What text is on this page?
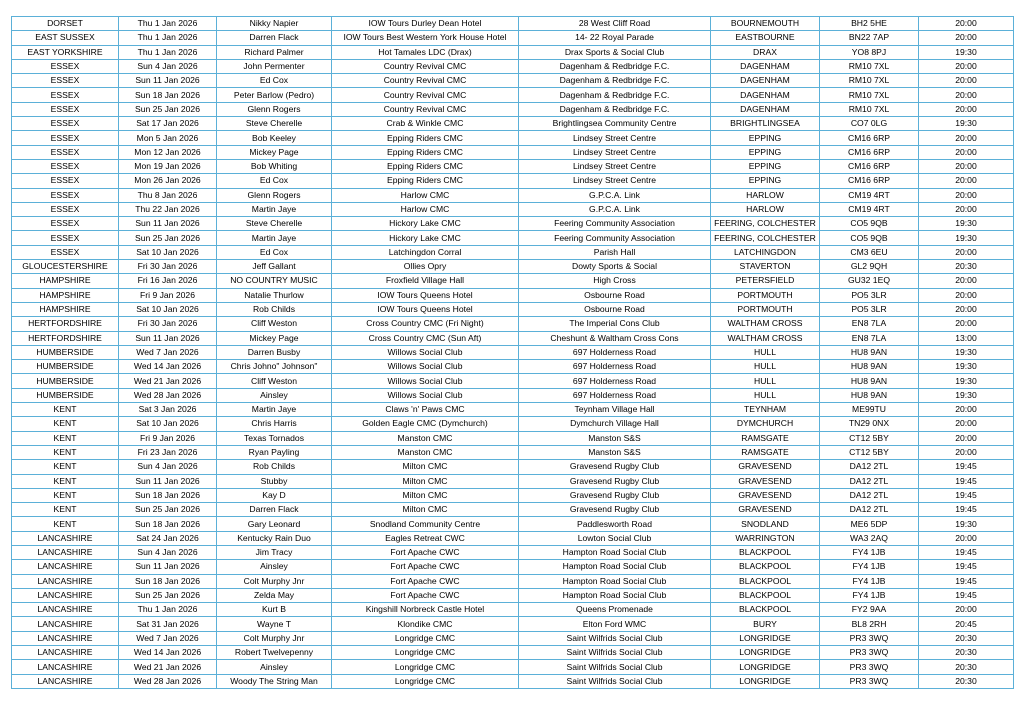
DORSET	Thu 1 Jan 2026	Nikky Napier	IOW Tours Durley Dean Hotel	28 West Cliff Road	BOURNEMOUTH	BH2 5HE	20:00
EAST SUSSEX	Thu 1 Jan 2026	Darren Flack	IOW Tours Best Western York House Hotel	14- 22 Royal Parade	EASTBOURNE	BN22 7AP	20:00
EAST YORKSHIRE	Thu 1 Jan 2026	Richard Palmer	Hot Tamales LDC (Drax)	Drax Sports & Social Club	DRAX	YO8 8PJ	19:30
ESSEX	Sun 4 Jan 2026	John Permenter	Country Revival CMC	Dagenham & Redbridge F.C.	DAGENHAM	RM10 7XL	20:00
ESSEX	Sun 11 Jan 2026	Ed Cox	Country Revival CMC	Dagenham & Redbridge F.C.	DAGENHAM	RM10 7XL	20:00
ESSEX	Sun 18 Jan 2026	Peter Barlow (Pedro)	Country Revival CMC	Dagenham & Redbridge F.C.	DAGENHAM	RM10 7XL	20:00
ESSEX	Sun 25 Jan 2026	Glenn Rogers	Country Revival CMC	Dagenham & Redbridge F.C.	DAGENHAM	RM10 7XL	20:00
ESSEX	Sat 17 Jan 2026	Steve Cherelle	Crab & Winkle CMC	Brightlingsea Community Centre	BRIGHTLINGSEA	CO7 0LG	19:30
ESSEX	Mon 5 Jan 2026	Bob Keeley	Epping Riders CMC	Lindsey Street Centre	EPPING	CM16 6RP	20:00
ESSEX	Mon 12 Jan 2026	Mickey Page	Epping Riders CMC	Lindsey Street Centre	EPPING	CM16 6RP	20:00
ESSEX	Mon 19 Jan 2026	Bob Whiting	Epping Riders CMC	Lindsey Street Centre	EPPING	CM16 6RP	20:00
ESSEX	Mon 26 Jan 2026	Ed Cox	Epping Riders CMC	Lindsey Street Centre	EPPING	CM16 6RP	20:00
ESSEX	Thu 8 Jan 2026	Glenn Rogers	Harlow CMC	G.P.C.A. Link	HARLOW	CM19 4RT	20:00
ESSEX	Thu 22 Jan 2026	Martin Jaye	Harlow CMC	G.P.C.A. Link	HARLOW	CM19 4RT	20:00
ESSEX	Sun 11 Jan 2026	Steve Cherelle	Hickory Lake CMC	Feering Community Association	FEERING, COLCHESTER	CO5 9QB	19:30
ESSEX	Sun 25 Jan 2026	Martin Jaye	Hickory Lake CMC	Feering Community Association	FEERING, COLCHESTER	CO5 9QB	19:30
ESSEX	Sat 10 Jan 2026	Ed Cox	Latchingdon Corral	Parish Hall	LATCHINGDON	CM3 6EU	20:00
GLOUCESTERSHIRE	Fri 30 Jan 2026	Jeff Gallant	Ollies Opry	Dowty Sports & Social	STAVERTON	GL2 9QH	20:30
HAMPSHIRE	Fri 16 Jan 2026	NO COUNTRY MUSIC	Froxfield Village Hall	High Cross	PETERSFIELD	GU32 1EQ	20:00
HAMPSHIRE	Fri 9 Jan 2026	Natalie Thurlow	IOW Tours Queens Hotel	Osbourne Road	PORTMOUTH	PO5 3LR	20:00
HAMPSHIRE	Sat 10 Jan 2026	Rob Childs	IOW Tours Queens Hotel	Osbourne Road	PORTMOUTH	PO5 3LR	20:00
HERTFORDSHIRE	Fri 30 Jan 2026	Cliff Weston	Cross Country CMC (Fri Night)	The Imperial Cons Club	WALTHAM CROSS	EN8 7LA	20:00
HERTFORDSHIRE	Sun 11 Jan 2026	Mickey Page	Cross Country CMC (Sun Aft)	Cheshunt & Waltham Cross Cons	WALTHAM CROSS	EN8 7LA	13:00
HUMBERSIDE	Wed 7 Jan 2026	Darren Busby	Willows Social Club	697 Holderness Road	HULL	HU8 9AN	19:30
HUMBERSIDE	Wed 14 Jan 2026	Chris Johno" Johnson"	Willows Social Club	697 Holderness Road	HULL	HU8 9AN	19:30
HUMBERSIDE	Wed 21 Jan 2026	Cliff Weston	Willows Social Club	697 Holderness Road	HULL	HU8 9AN	19:30
HUMBERSIDE	Wed 28 Jan 2026	Ainsley	Willows Social Club	697 Holderness Road	HULL	HU8 9AN	19:30
KENT	Sat 3 Jan 2026	Martin Jaye	Claws 'n' Paws CMC	Teynham Village Hall	TEYNHAM	ME99TU	20:00
KENT	Sat 10 Jan 2026	Chris Harris	Golden Eagle CMC (Dymchurch)	Dymchurch Village Hall	DYMCHURCH	TN29 0NX	20:00
KENT	Fri 9 Jan 2026	Texas Tornados	Manston CMC	Manston S&S	RAMSGATE	CT12 5BY	20:00
KENT	Fri 23 Jan 2026	Ryan Payling	Manston CMC	Manston S&S	RAMSGATE	CT12 5BY	20:00
KENT	Sun 4 Jan 2026	Rob Childs	Milton CMC	Gravesend Rugby Club	GRAVESEND	DA12 2TL	19:45
KENT	Sun 11 Jan 2026	Stubby	Milton CMC	Gravesend Rugby Club	GRAVESEND	DA12 2TL	19:45
KENT	Sun 18 Jan 2026	Kay D	Milton CMC	Gravesend Rugby Club	GRAVESEND	DA12 2TL	19:45
KENT	Sun 25 Jan 2026	Darren Flack	Milton CMC	Gravesend Rugby Club	GRAVESEND	DA12 2TL	19:45
KENT	Sun 18 Jan 2026	Gary Leonard	Snodland Community Centre	Paddlesworth Road	SNODLAND	ME6 5DP	19:30
LANCASHIRE	Sat 24 Jan 2026	Kentucky Rain Duo	Eagles Retreat CWC	Lowton Social Club	WARRINGTON	WA3 2AQ	20:00
LANCASHIRE	Sun 4 Jan 2026	Jim Tracy	Fort Apache CWC	Hampton Road Social Club	BLACKPOOL	FY4 1JB	19:45
LANCASHIRE	Sun 11 Jan 2026	Ainsley	Fort Apache CWC	Hampton Road Social Club	BLACKPOOL	FY4 1JB	19:45
LANCASHIRE	Sun 18 Jan 2026	Colt Murphy Jnr	Fort Apache CWC	Hampton Road Social Club	BLACKPOOL	FY4 1JB	19:45
LANCASHIRE	Sun 25 Jan 2026	Zelda May	Fort Apache CWC	Hampton Road Social Club	BLACKPOOL	FY4 1JB	19:45
LANCASHIRE	Thu 1 Jan 2026	Kurt B	Kingshill Norbreck Castle Hotel	Queens Promenade	BLACKPOOL	FY2 9AA	20:00
LANCASHIRE	Sat 31 Jan 2026	Wayne T	Klondike CMC	Elton Ford WMC	BURY	BL8 2RH	20:45
LANCASHIRE	Wed 7 Jan 2026	Colt Murphy Jnr	Longridge CMC	Saint Wilfrids Social Club	LONGRIDGE	PR3 3WQ	20:30
LANCASHIRE	Wed 14 Jan 2026	Robert Twelvepenny	Longridge CMC	Saint Wilfrids Social Club	LONGRIDGE	PR3 3WQ	20:30
LANCASHIRE	Wed 21 Jan 2026	Ainsley	Longridge CMC	Saint Wilfrids Social Club	LONGRIDGE	PR3 3WQ	20:30
LANCASHIRE	Wed 28 Jan 2026	Woody The String Man	Longridge CMC	Saint Wilfrids Social Club	LONGRIDGE	PR3 3WQ	20:30
